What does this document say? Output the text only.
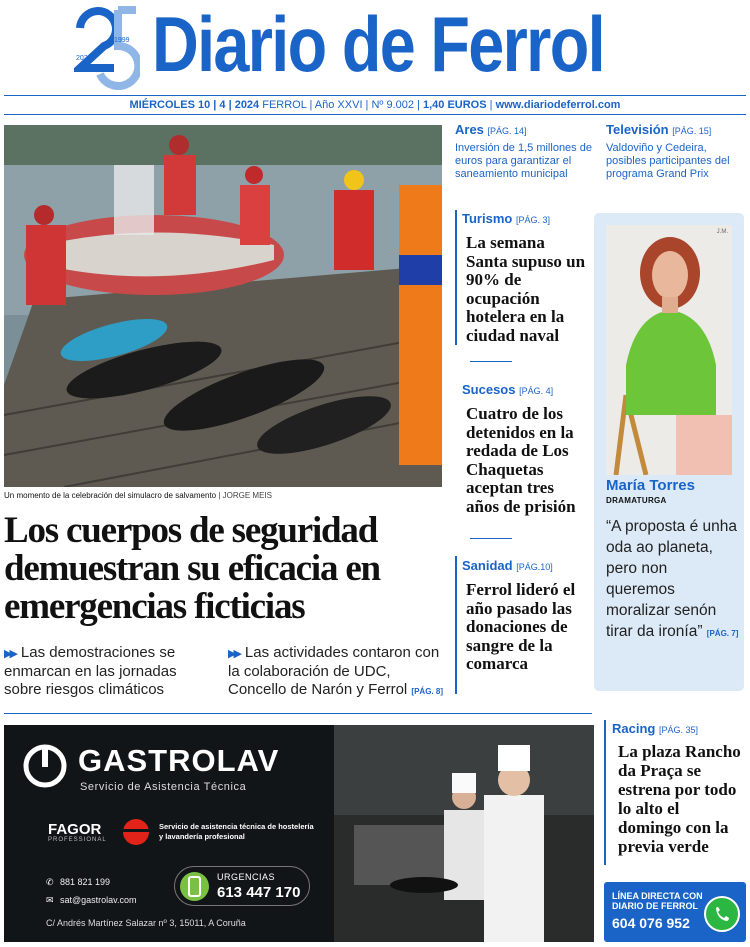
1999
2024 Diario de Ferrol
MIÉRCOLES 10 | 4 | 2024 FERROL | Año XXVI | Nº 9.002 | 1,40 EUROS | www.diariodeferrol.com
Un momento de la celebración del simulacro de salvamento | JORGE MEIS
Los cuerpos de seguridad demuestran su eficacia en emergencias ficticias
▶▶ Las demostraciones se enmarcan en las jornadas sobre riesgos climáticos
▶▶ Las actividades contaron con la colaboración de UDC, Concello de Narón y Ferrol [PÁG. 8]
Ares [PÁG. 14]
Inversión de 1,5 millones de euros para garantizar el saneamiento municipal
Televisión [PÁG. 15]
Valdoviño y Cedeira, posibles participantes del programa Grand Prix
Turismo [PÁG. 3]
La semana Santa supuso un 90% de ocupación hotelera en la ciudad naval
Sucesos [PÁG. 4]
Cuatro de los detenidos en la redada de Los Chaquetas aceptan tres años de prisión
Sanidad [PÁG.10]
Ferrol lideró el año pasado las donaciones de sangre de la comarca
J.M.
María Torres
DRAMATURGA
“A proposta é unha oda ao planeta, pero non queremos moralizar senón tirar da ironía” [PÁG. 7]
GASTROLAV
Servicio de Asistencia Técnica
FAGOR
PROFESSIONAL
Servicio de asistencia técnica de hostelería y lavandería profesional
✆ 881 821 199
✉ sat@gastrolav.com
URGENCIAS
613 447 170
C/ Andrés Martínez Salazar nº 3, 15011, A Coruña
Racing [PÁG. 35]
La plaza Rancho da Praça se estrena por todo lo alto el domingo con la previa verde
LÍNEA DIRECTA CON DIARIO DE FERROL
604 076 952
